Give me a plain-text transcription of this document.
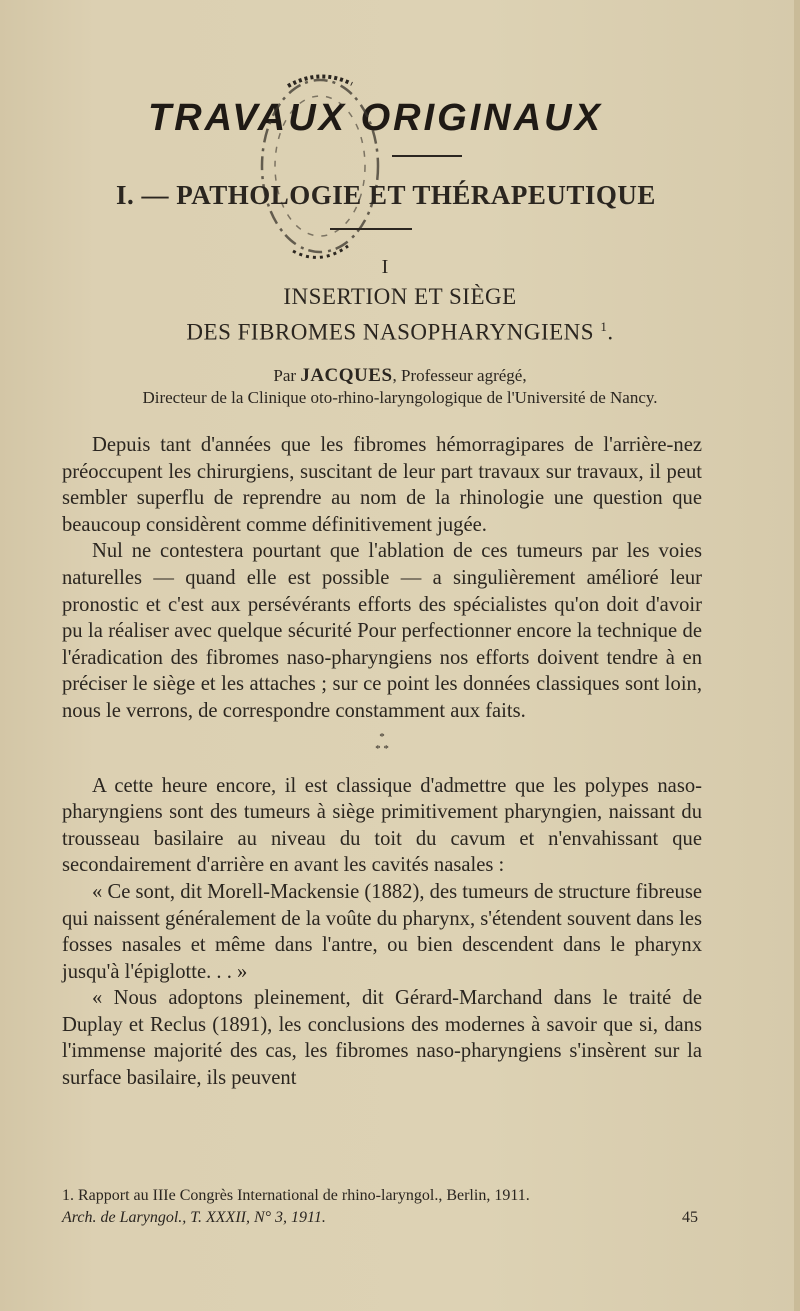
TRAVAUX ORIGINAUX
I. — PATHOLOGIE ET THÉRAPEUTIQUE
I
INSERTION ET SIÈGE
DES FIBROMES NASOPHARYNGIENS $^1$.
Par JACQUES, Professeur agrégé,
Directeur de la Clinique oto-rhino-laryngologique de l'Université de Nancy.

Depuis tant d'années que les fibromes hémorragipares de l'arrière-nez préoccupent les chirurgiens, suscitant de leur part travaux sur travaux, il peut sembler superflu de reprendre au nom de la rhinologie une question que beaucoup considèrent comme définitivement jugée.

Nul ne contestera pourtant que l'ablation de ces tumeurs par les voies naturelles — quand elle est possible — a singulièrement amélioré leur pronostic et c'est aux persévérants efforts des spécialistes qu'on doit d'avoir pu la réaliser avec quelque sécurité Pour perfectionner encore la technique de l'éradication des fibromes naso-pharyngiens nos efforts doivent tendre à en préciser le siège et les attaches ; sur ce point les données classiques sont loin, nous le verrons, de correspondre constamment aux faits.

*
* *

A cette heure encore, il est classique d'admettre que les polypes naso-pharyngiens sont des tumeurs à siège primitivement pharyngien, naissant du trousseau basilaire au niveau du toit du cavum et n'envahissant que secondairement d'arrière en avant les cavités nasales :

« Ce sont, dit Morell-Mackensie (1882), des tumeurs de structure fibreuse qui naissent généralement de la voûte du pharynx, s'étendent souvent dans les fosses nasales et même dans l'antre, ou bien descendent dans le pharynx jusqu'à l'épiglotte. . . »

« Nous adoptons pleinement, dit Gérard-Marchand dans le traité de Duplay et Reclus (1891), les conclusions des modernes à savoir que si, dans l'immense majorité des cas, les fibromes naso-pharyngiens s'insèrent sur la surface basilaire, ils peuvent

1. Rapport au IIIe Congrès International de rhino-laryngol., Berlin, 1911.
Arch. de Laryngol., T. XXXII, N° 3, 1911.	45
